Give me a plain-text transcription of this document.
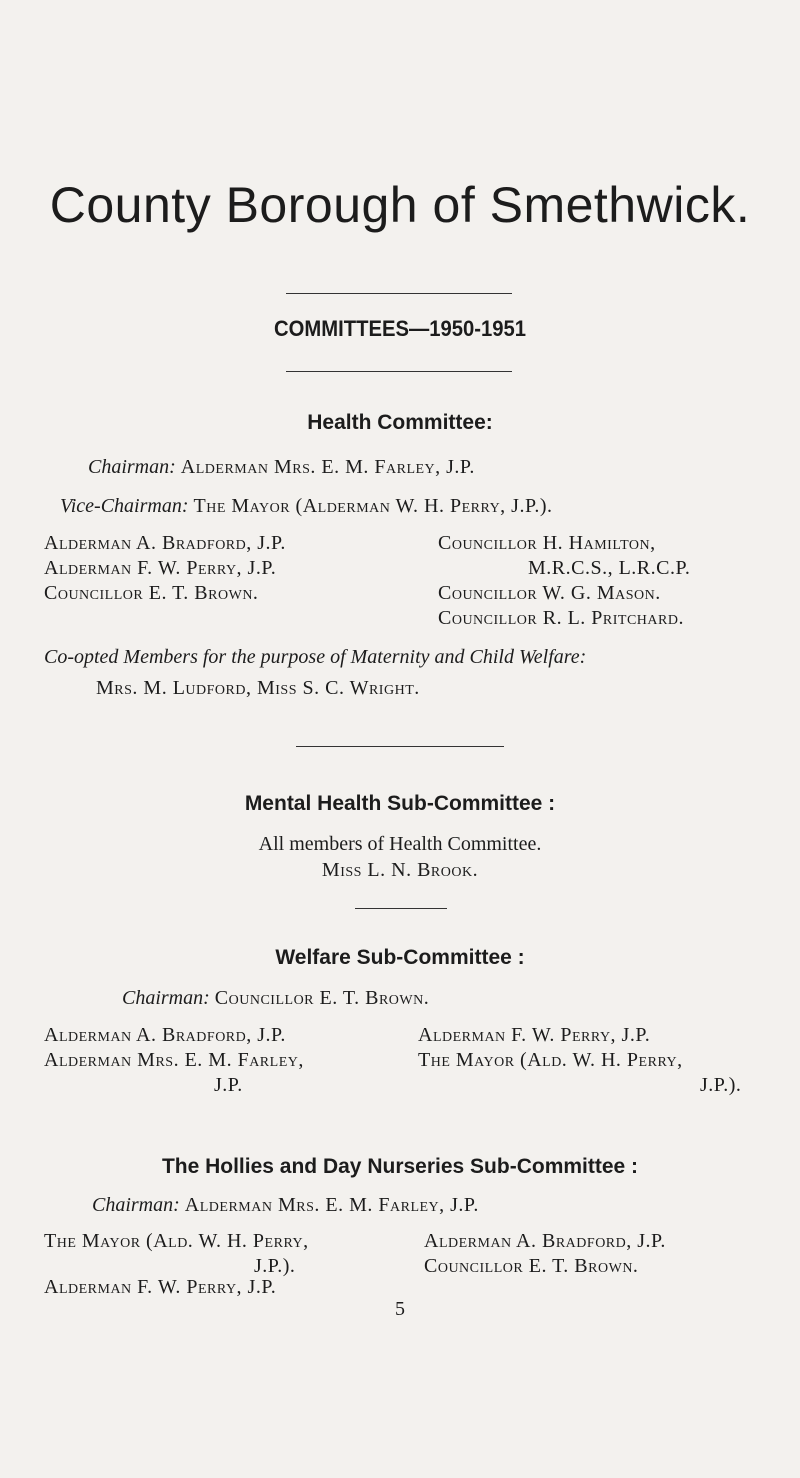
County Borough of Smethwick.
COMMITTEES—1950-1951
Health Committee:
Chairman: Alderman Mrs. E. M. Farley, J.P.
Vice-Chairman: The Mayor (Alderman W. H. Perry, J.P.).
Alderman A. Bradford, J.P.
Alderman F. W. Perry, J.P.
Councillor E. T. Brown.
Councillor H. Hamilton,
M.R.C.S., L.R.C.P.
Councillor W. G. Mason.
Councillor R. L. Pritchard.
Co-opted Members for the purpose of Maternity and Child Welfare:
Mrs. M. Ludford, Miss S. C. Wright.
Mental Health Sub-Committee :
All members of Health Committee.
Miss L. N. Brook.
Welfare Sub-Committee :
Chairman: Councillor E. T. Brown.
Alderman A. Bradford, J.P.
Alderman Mrs. E. M. Farley,
J.P.
Alderman F. W. Perry, J.P.
The Mayor (Ald. W. H. Perry,
J.P.).
The Hollies and Day Nurseries Sub-Committee :
Chairman: Alderman Mrs. E. M. Farley, J.P.
The Mayor (Ald. W. H. Perry,
J.P.).
Alderman F. W. Perry, J.P.
Alderman A. Bradford, J.P.
Councillor E. T. Brown.
5
